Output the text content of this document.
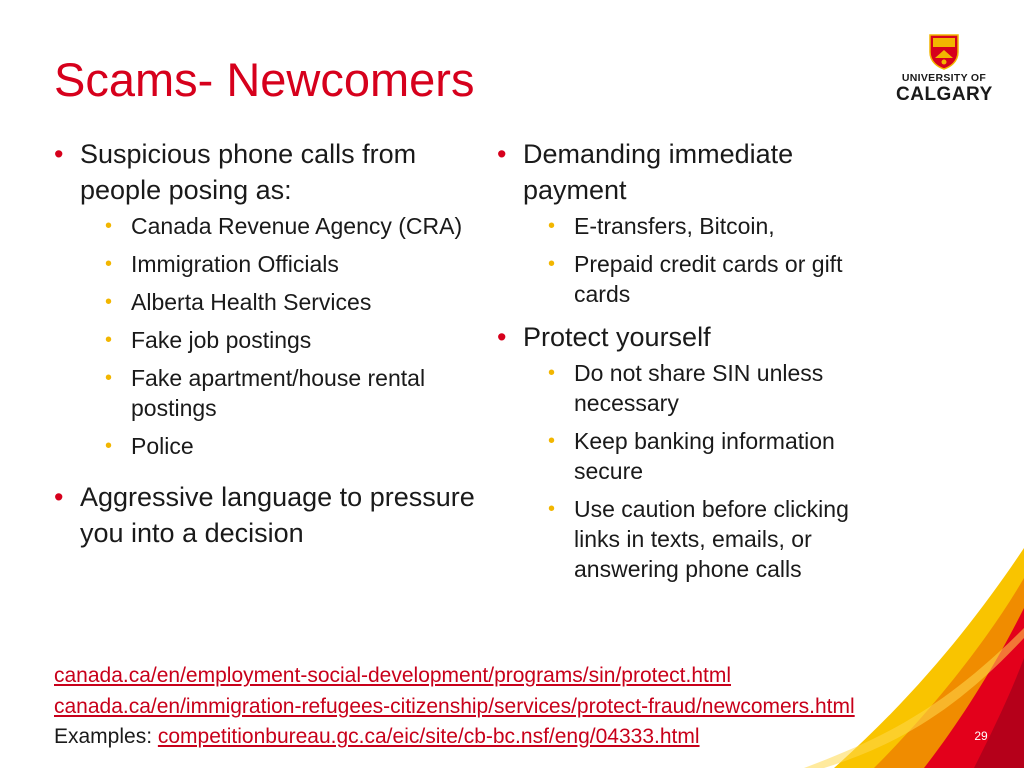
Scams- Newcomers	UNIVERSITY OF
CALGARY
• Suspicious phone calls from people posing as:
• Canada Revenue Agency (CRA)
• Immigration Officials
• Alberta Health Services
• Fake job postings
• Fake apartment/house rental postings
• Police
• Aggressive language to pressure you into a decision
• Demanding immediate payment
• E-transfers, Bitcoin,
• Prepaid credit cards or gift cards
• Protect yourself
• Do not share SIN unless necessary
• Keep banking information secure
• Use caution before clicking links in texts, emails, or answering phone calls
canada.ca/en/employment-social-development/programs/sin/protect.html
canada.ca/en/immigration-refugees-citizenship/services/protect-fraud/newcomers.html
Examples: competitionbureau.gc.ca/eic/site/cb-bc.nsf/eng/04333.html	29
